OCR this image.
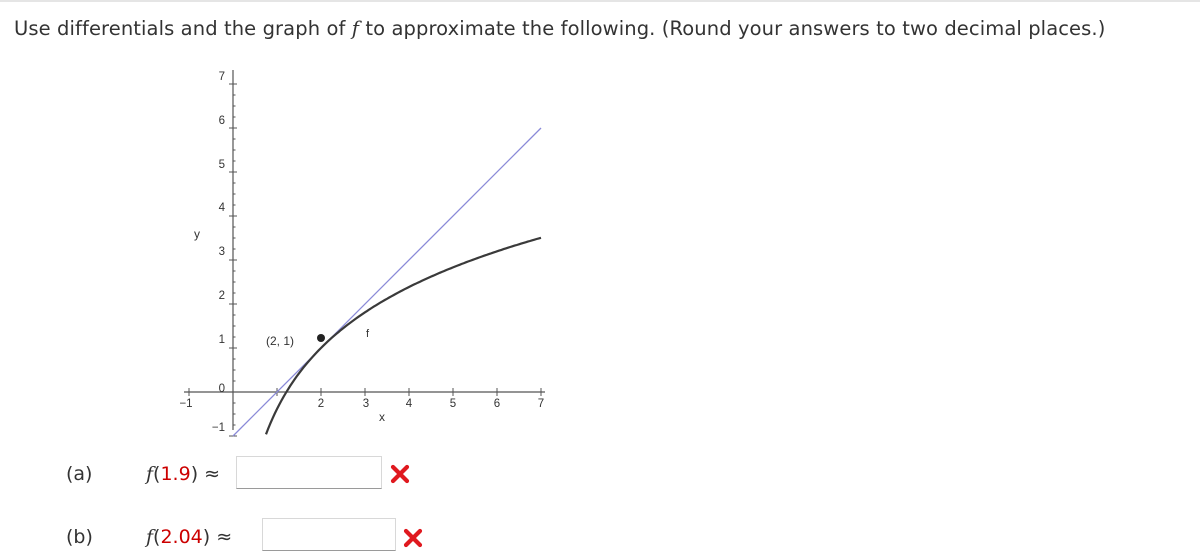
Use differentials and the graph of f to approximate the following. (Round your answers to two decimal places.)
(2, 1)	f
x
y
−1	2	3	4	5	6	7
7
6
5
4
3
2
1
0
−1
(a)	f(1.9) ≈
(b)	f(2.04) ≈
